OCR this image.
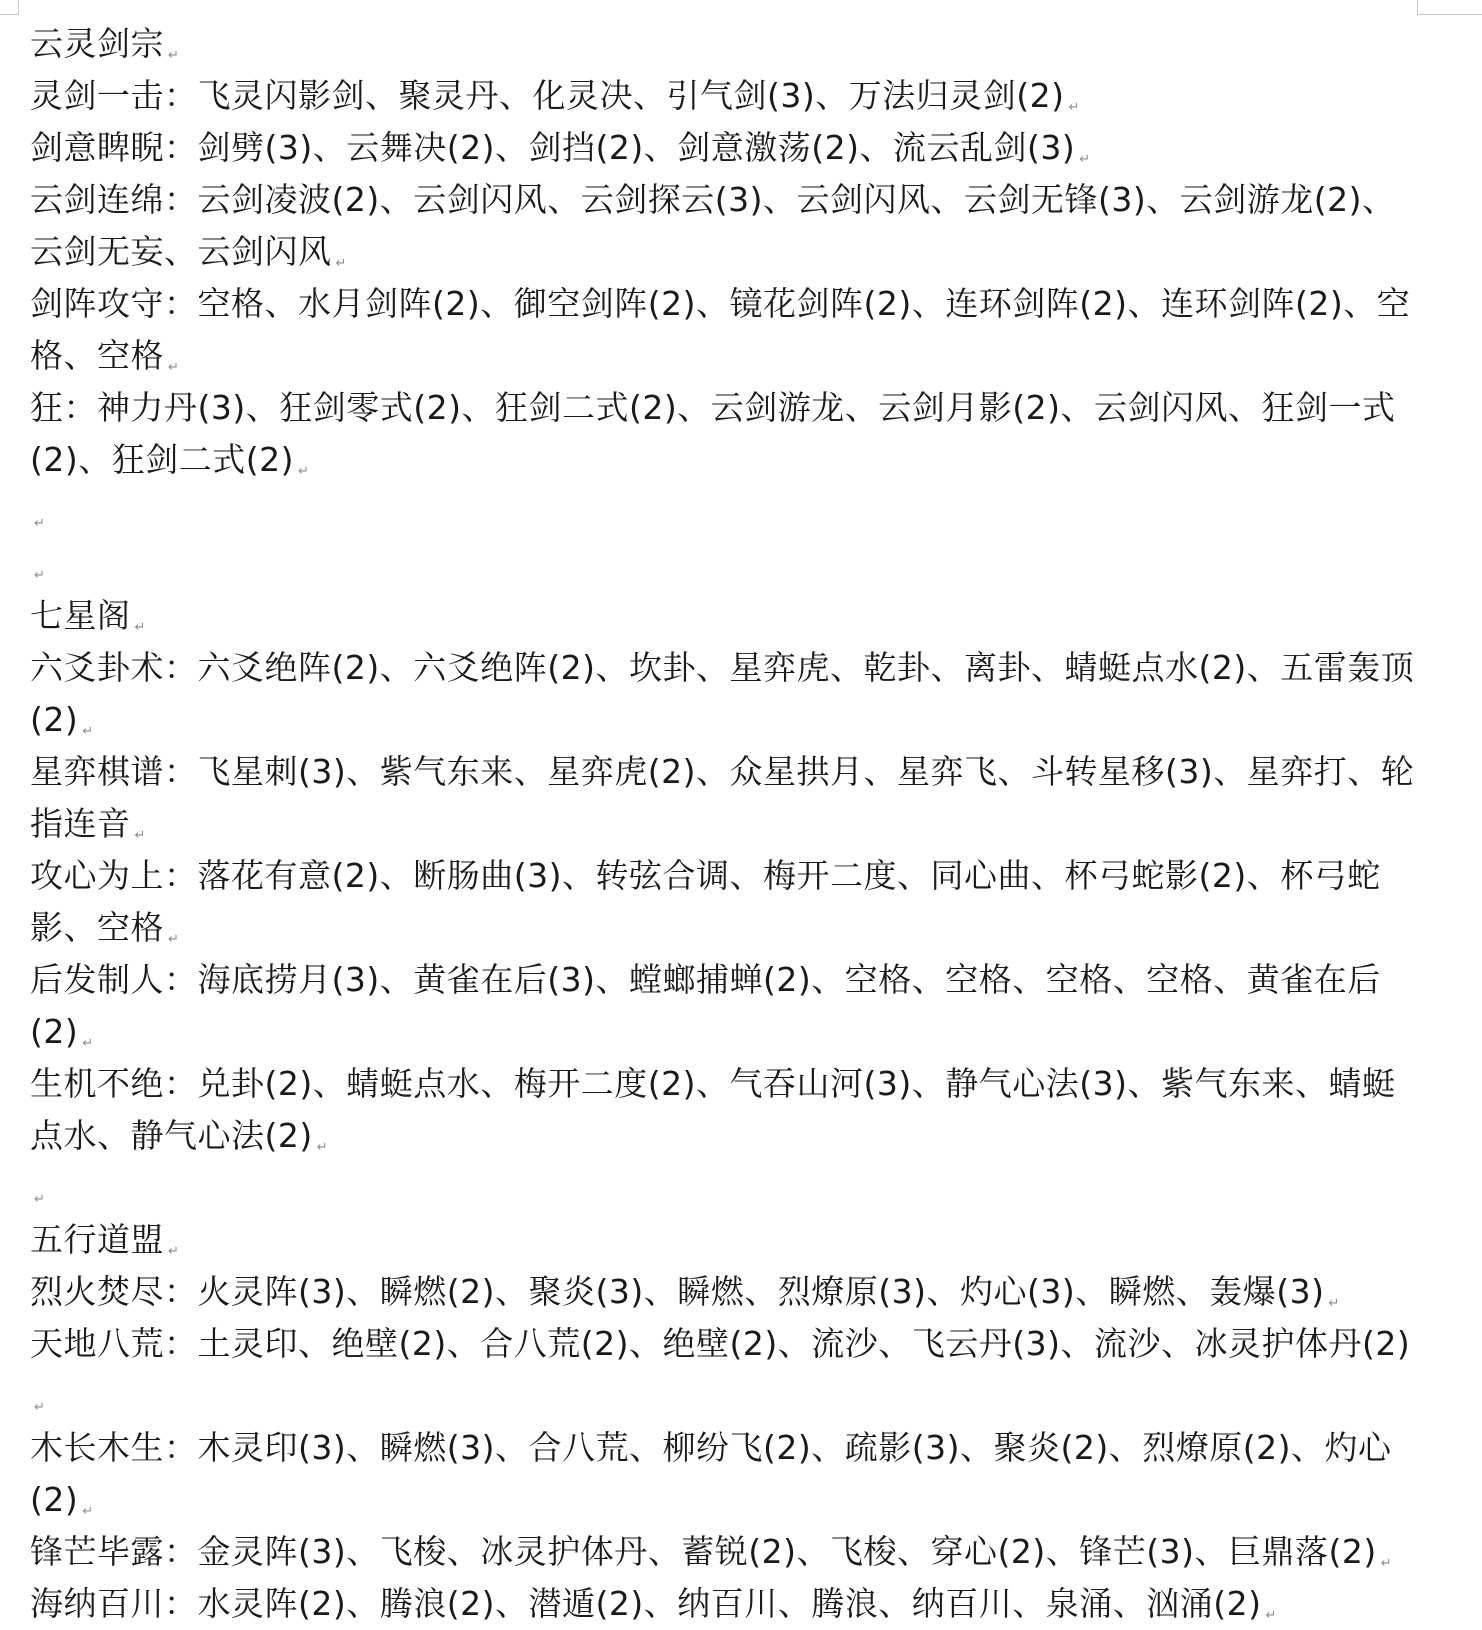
云灵剑宗 ↵

灵剑一击：飞灵闪影剑、聚灵丹、化灵决、引气剑(3)、万法归灵剑(2) ↵

剑意睥睨：剑劈(3)、云舞决(2)、剑挡(2)、剑意激荡(2)、流云乱剑(3) ↵

云剑连绵：云剑凌波(2)、云剑闪风、云剑探云(3)、云剑闪风、云剑无锋(3)、云剑游龙(2)、云剑无妄、云剑闪风 ↵

剑阵攻守：空格、水月剑阵(2)、御空剑阵(2)、镜花剑阵(2)、连环剑阵(2)、连环剑阵(2)、空格、空格 ↵

狂：神力丹(3)、狂剑零式(2)、狂剑二式(2)、云剑游龙、云剑月影(2)、云剑闪风、狂剑一式(2)、狂剑二式(2) ↵

↵

↵

七星阁 ↵

六爻卦术：六爻绝阵(2)、六爻绝阵(2)、坎卦、星弈虎、乾卦、离卦、蜻蜓点水(2)、五雷轰顶(2) ↵

星弈棋谱：飞星刺(3)、紫气东来、星弈虎(2)、众星拱月、星弈飞、斗转星移(3)、星弈打、轮指连音 ↵

攻心为上：落花有意(2)、断肠曲(3)、转弦合调、梅开二度、同心曲、杯弓蛇影(2)、杯弓蛇影、空格 ↵

后发制人：海底捞月(3)、黄雀在后(3)、螳螂捕蝉(2)、空格、空格、空格、空格、黄雀在后(2) ↵

生机不绝：兑卦(2)、蜻蜓点水、梅开二度(2)、气吞山河(3)、静气心法(3)、紫气东来、蜻蜓点水、静气心法(2) ↵

↵

五行道盟 ↵

烈火焚尽：火灵阵(3)、瞬燃(2)、聚炎(3)、瞬燃、烈燎原(3)、灼心(3)、瞬燃、轰爆(3) ↵

天地八荒：土灵印、绝壁(2)、合八荒(2)、绝壁(2)、流沙、飞云丹(3)、流沙、冰灵护体丹(2)↵

木长木生：木灵印(3)、瞬燃(3)、合八荒、柳纷飞(2)、疏影(3)、聚炎(2)、烈燎原(2)、灼心(2) ↵

锋芒毕露：金灵阵(3)、飞梭、冰灵护体丹、蓄锐(2)、飞梭、穿心(2)、锋芒(3)、巨鼎落(2) ↵

海纳百川：水灵阵(2)、腾浪(2)、潜遁(2)、纳百川、腾浪、纳百川、泉涌、汹涌(2) ↵
